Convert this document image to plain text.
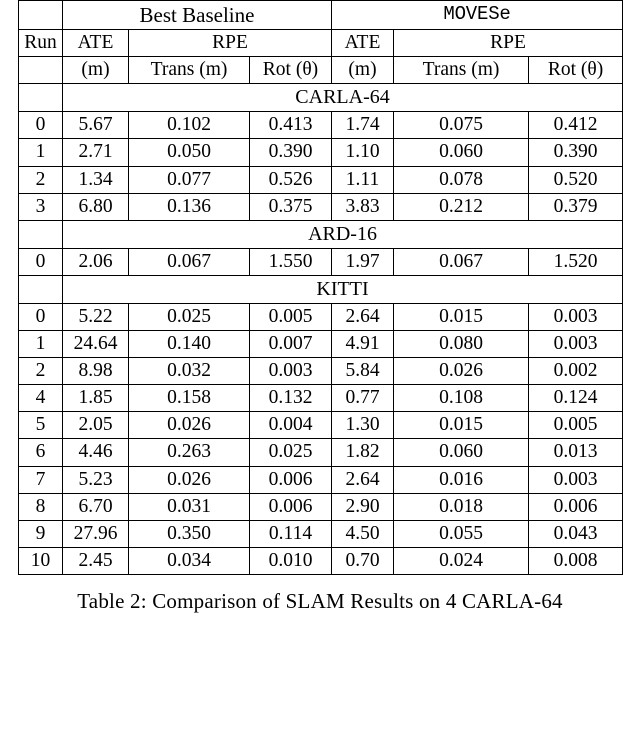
	Best Baseline			MOVESe		
Run	ATE	RPE		ATE	RPE	
	(m)	Trans (m)	Rot (θ)	(m)	Trans (m)	Rot (θ)
	CARLA-64					
0	5.67	0.102	0.413	1.74	0.075	0.412
1	2.71	0.050	0.390	1.10	0.060	0.390
2	1.34	0.077	0.526	1.11	0.078	0.520
3	6.80	0.136	0.375	3.83	0.212	0.379
	ARD-16					
0	2.06	0.067	1.550	1.97	0.067	1.520
	KITTI					
0	5.22	0.025	0.005	2.64	0.015	0.003
1	24.64	0.140	0.007	4.91	0.080	0.003
2	8.98	0.032	0.003	5.84	0.026	0.002
4	1.85	0.158	0.132	0.77	0.108	0.124
5	2.05	0.026	0.004	1.30	0.015	0.005
6	4.46	0.263	0.025	1.82	0.060	0.013
7	5.23	0.026	0.006	2.64	0.016	0.003
8	6.70	0.031	0.006	2.90	0.018	0.006
9	27.96	0.350	0.114	4.50	0.055	0.043
10	2.45	0.034	0.010	0.70	0.024	0.008
Table 2: Comparison of SLAM Results on 4 CARLA-64
